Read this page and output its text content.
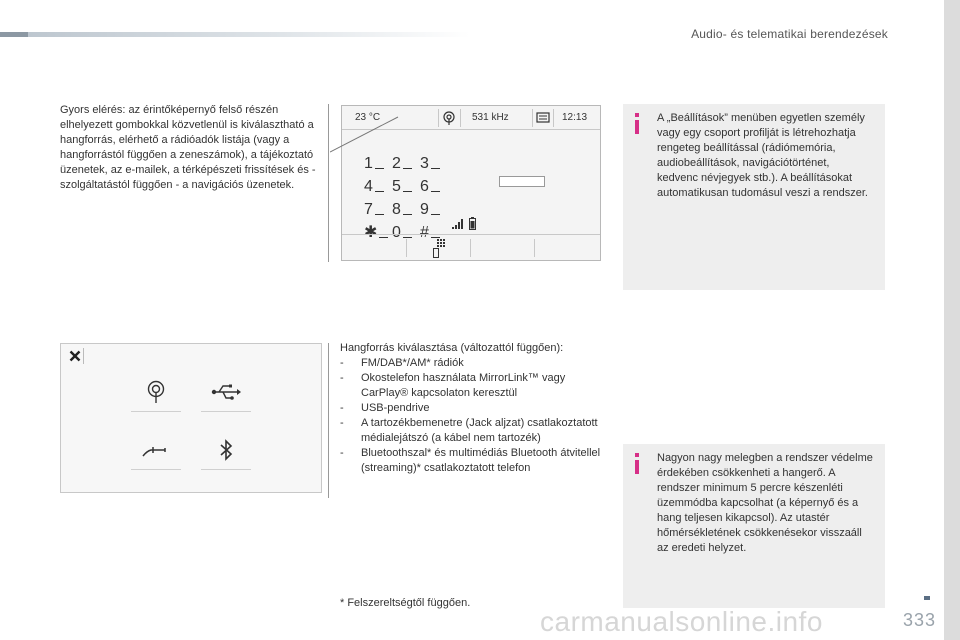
Audio- és telematikai berendezések
Gyors elérés: az érintőképernyő felső részén elhelyezett gombokkal közvetlenül is kiválasztható a hangforrás, elérhető a rádióadók listája (vagy a hangforrástól függően a zeneszámok), a tájékoztató üzenetek, az e-mailek, a térképészeti frissítések és - szolgáltatástól függően - a navigációs üzenetek.
23 °C	531 kHz	12:13
1 2 3
4 5 6
7 8 9
✱ 0 #
Hangforrás kiválasztása (változattól függően):
- FM/DAB*/AM* rádiók
- Okostelefon használata MirrorLink™ vagy CarPlay® kapcsolaton keresztül
- USB-pendrive
- A tartozékbemenetre (Jack aljzat) csatlakoztatott médialejátszó (a kábel nem tartozék)
- Bluetoothszal* és multimédiás Bluetooth átvitellel (streaming)* csatlakoztatott telefon
* Felszereltségtől függően.
A „Beállítások” menüben egyetlen személy vagy egy csoport profilját is létrehozhatja rengeteg beállítással (rádiómemória, audiobeállítások, navigációtörténet, kedvenc névjegyek stb.). A beállításokat automatikusan tudomásul veszi a rendszer.
Nagyon nagy melegben a rendszer védelme érdekében csökkenheti a hangerő. A rendszer minimum 5 percre készenléti üzemmódba kapcsolhat (a képernyő és a hang teljesen kikapcsol). Az utastér hőmérsékletének csökkenésekor visszaáll az eredeti helyzet.
carmanualsonline.info	333
